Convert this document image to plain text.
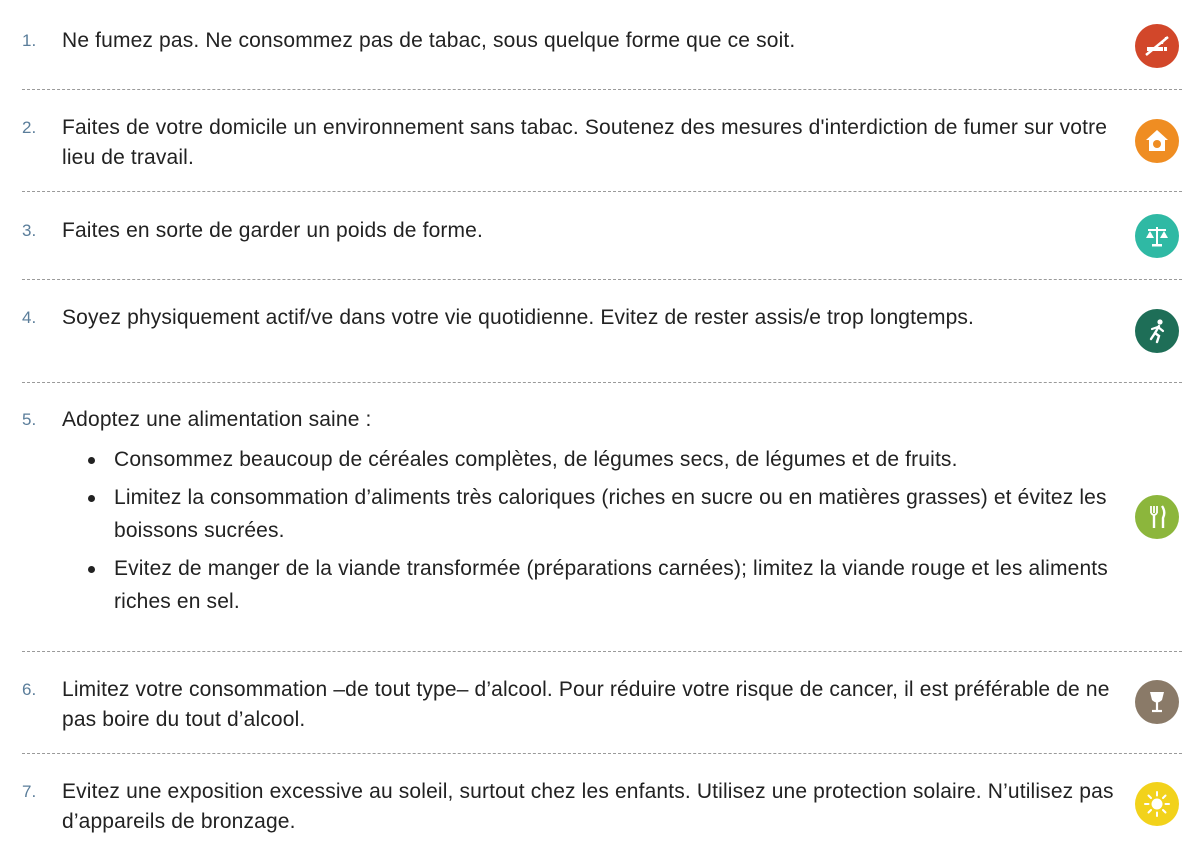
1. Ne fumez pas. Ne consommez pas de tabac, sous quelque forme que ce soit.
2. Faites de votre domicile un environnement sans tabac. Soutenez des mesures d'interdiction de fumer sur votre lieu de travail.
3. Faites en sorte de garder un poids de forme.
4. Soyez physiquement actif/ve dans votre vie quotidienne. Evitez de rester assis/e trop longtemps.
5. Adoptez une alimentation saine :
Consommez beaucoup de céréales complètes, de légumes secs, de légumes et de fruits.
Limitez la consommation d’aliments très caloriques (riches en sucre ou en matières grasses) et évitez les boissons sucrées.
Evitez de manger de la viande transformée (préparations carnées); limitez la viande rouge et les aliments riches en sel.
6. Limitez votre consommation –de tout type– d’alcool. Pour réduire votre risque de cancer, il est préférable de ne pas boire du tout d’alcool.
7. Evitez une exposition excessive au soleil, surtout chez les enfants. Utilisez une protection solaire. N’utilisez pas d’appareils de bronzage.
